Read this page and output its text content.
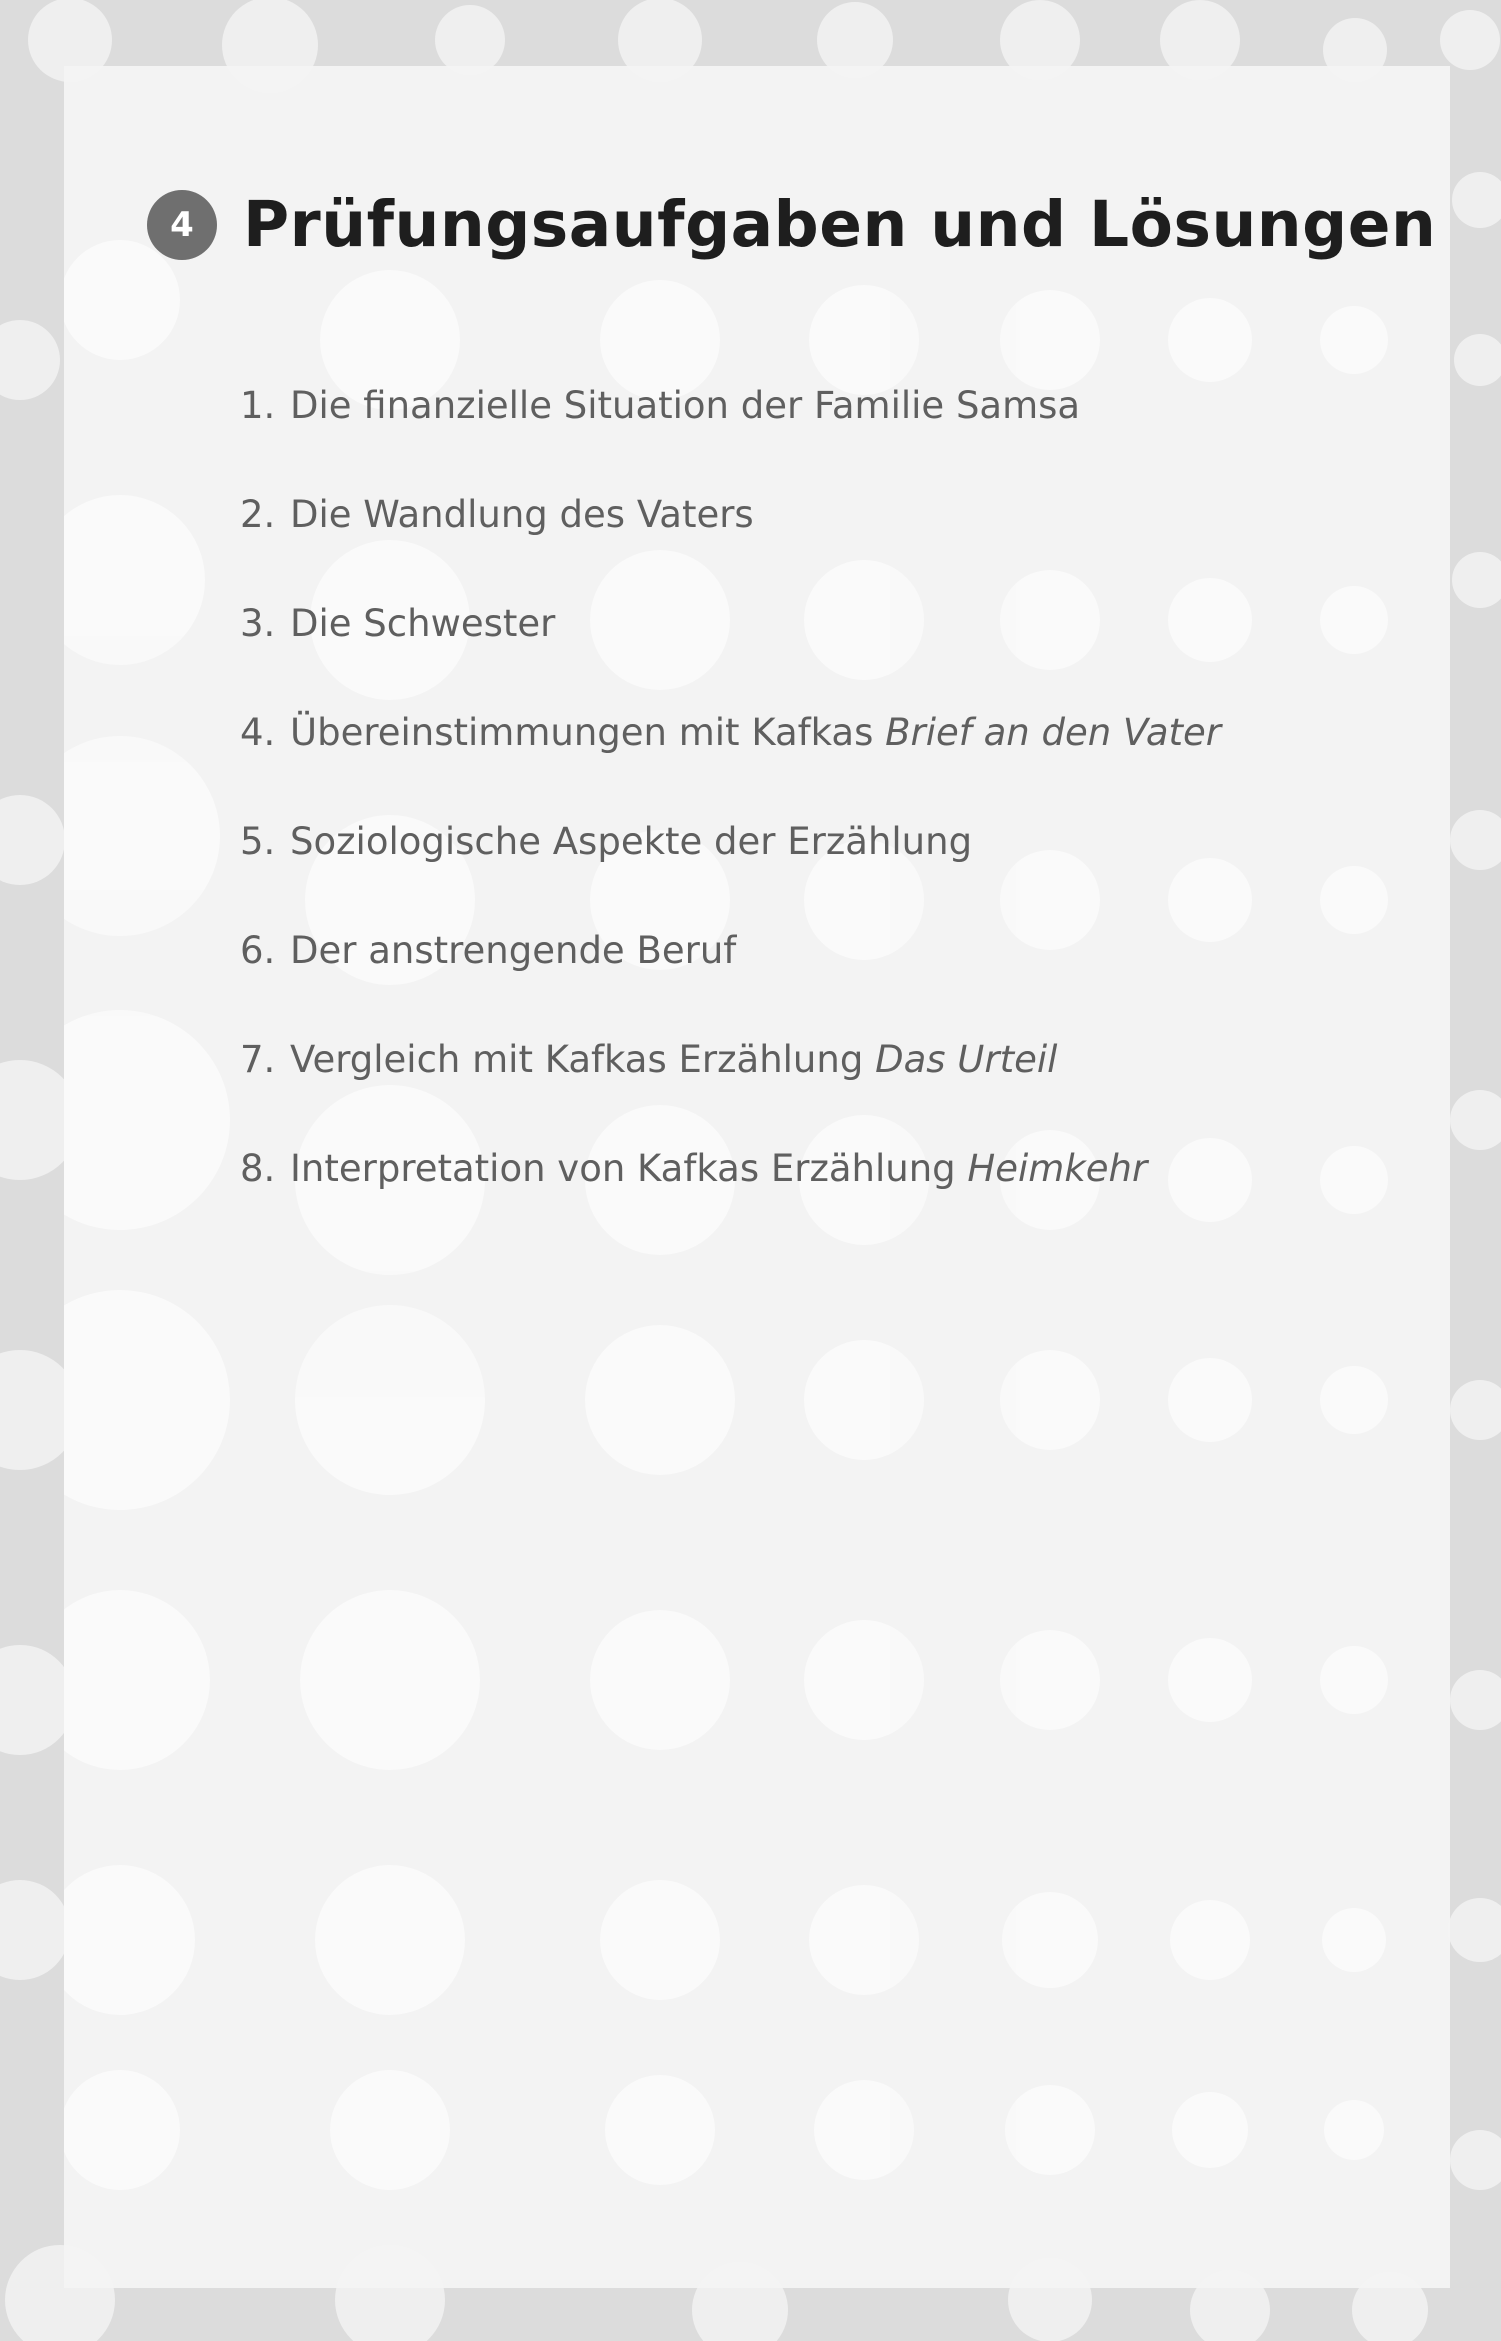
4 Prüfungsaufgaben und Lösungen
1. Die finanzielle Situation der Familie Samsa
2. Die Wandlung des Vaters
3. Die Schwester
4. Übereinstimmungen mit Kafkas Brief an den Vater
5. Soziologische Aspekte der Erzählung
6. Der anstrengende Beruf
7. Vergleich mit Kafkas Erzählung Das Urteil
8. Interpretation von Kafkas Erzählung Heimkehr
